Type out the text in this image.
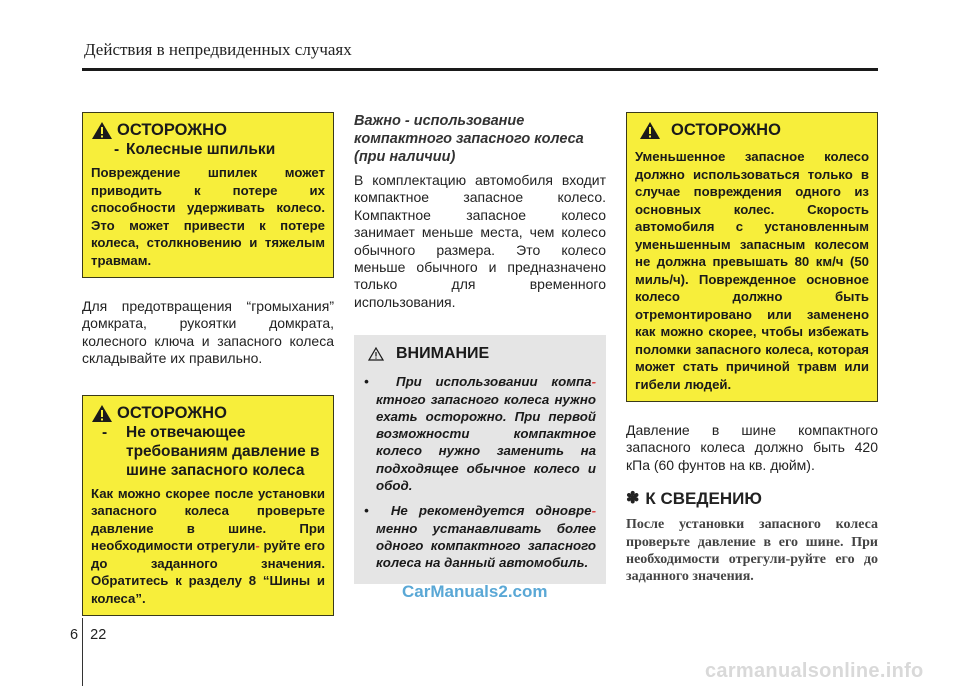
Действия в непредвиденных случаях
ОСТОРОЖНО
- Колесные шпильки
Повреждение шпилек может приводить к потере их способности удерживать колесо. Это может привести к потере колеса, столкновению и тяжелым травмам.
Для предотвращения “громыхания” домкрата, рукоятки домкрата, колесного ключа и запасного колеса складывайте их правильно.
ОСТОРОЖНО
- Не отвечающее требованиям давление в шине запасного колеса
Как можно скорее после установки запасного колеса проверьте давление в шине. При необходимости отрегули- руйте его до заданного значения. Обратитесь к разделу 8 “Шины и колеса”.
Важно - использование компактного запасного колеса (при наличии)
В комплектацию автомобиля входит компактное запасное колесо. Компактное запасное колесо занимает меньше места, чем колесо обычного размера. Это колесо меньше обычного и предназначено только для временного использования.
ВНИМАНИЕ
•  При использовании компа- ктного запасного колеса нужно ехать осторожно. При первой возможности компактное колесо нужно заменить на подходящее обычное колесо и обод.
•  Не рекомендуется одновре- менно устанавливать более одного компактного запасного колеса на данный автомобиль.
ОСТОРОЖНО
Уменьшенное запасное колесо должно использоваться только в случае повреждения одного из основных колес. Скорость автомобиля с установленным уменьшенным запасным колесом не должна превышать 80 км/ч (50 миль/ч). Поврежденное основное колесо должно быть отремонтировано или заменено как можно скорее, чтобы избежать поломки запасного колеса, которая может стать причиной травм или гибели людей.
Давление в шине компактного запасного колеса должно быть 420 кПа (60 фунтов на кв. дюйм).
✽ К СВЕДЕНИЮ
После установки запасного колеса проверьте давление в его шине. При необходимости отрегули-руйте его до заданного значения.
CarManuals2.com
6 22
carmanualsonline.info
